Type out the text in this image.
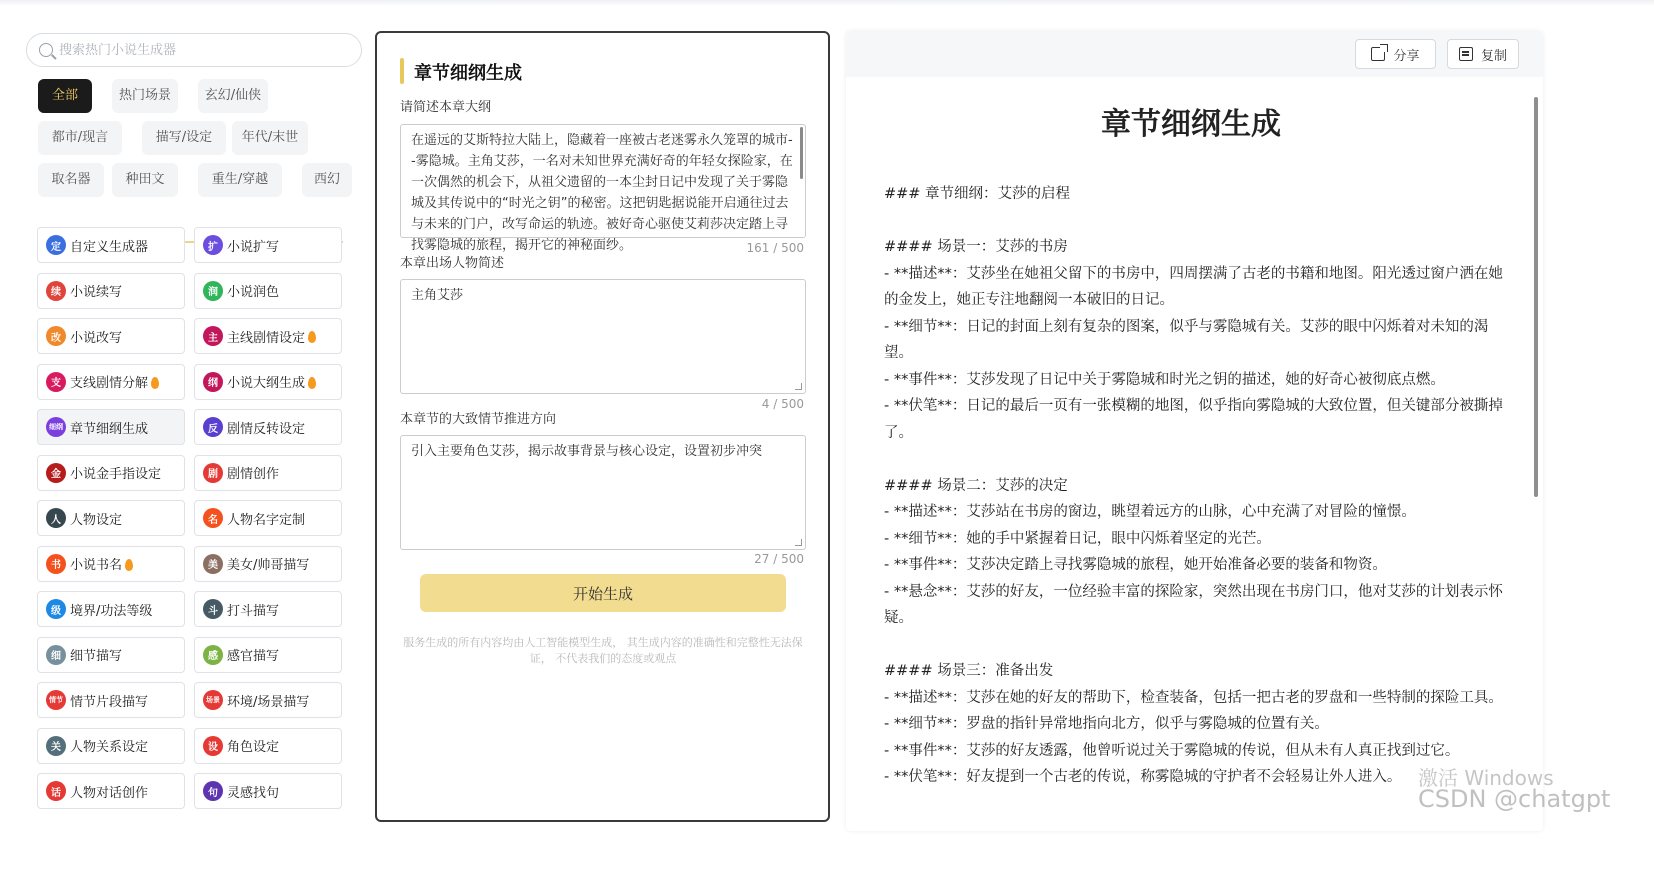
搜索热门小说生成器
全部	热门场景	玄幻/仙侠
都市/现言	描写/设定	年代/末世
取名器	种田文	重生/穿越	西幻
定 自定义生成器	扩 小说扩写
续 小说续写	润 小说润色
改 小说改写	主 主线剧情设定
支 支线剧情分解	纲 小说大纲生成
细纲 章节细纲生成	反 剧情反转设定
金 小说金手指设定	剧 剧情创作
人 人物设定	名 人物名字定制
书 小说书名	美 美女/帅哥描写
级 境界/功法等级	斗 打斗描写
细 细节描写	感 感官描写
情节 情节片段描写	场景 环境/场景描写
关 人物关系设定	设 角色设定
话 人物对话创作	句 灵感找句
章节细纲生成
请简述本章大纲
在遥远的艾斯特拉大陆上，隐藏着一座被古老迷雾永久笼罩的城市--雾隐城。主角艾莎，一名对未知世界充满好奇的年轻女探险家，在一次偶然的机会下，从祖父遗留的一本尘封日记中发现了关于雾隐城及其传说中的“时光之钥”的秘密。这把钥匙据说能开启通往过去与未来的门户，改写命运的轨迹。被好奇心驱使艾莉莎决定踏上寻找雾隐城的旅程，揭开它的神秘面纱。	161 / 500
本章出场人物简述
主角艾莎
4 / 500
本章节的大致情节推进方向
引入主要角色艾莎，揭示故事背景与核心设定，设置初步冲突
27 / 500
开始生成
服务生成的所有内容均由人工智能模型生成， 其生成内容的准确性和完整性无法保证， 不代表我们的态度或观点
分享	复制
章节细纲生成

### 章节细纲：艾莎的启程

#### 场景一：艾莎的书房

- **描述**：艾莎坐在她祖父留下的书房中，四周摆满了古老的书籍和地图。阳光透过窗户洒在她的金发上，她正专注地翻阅一本破旧的日记。

- **细节**：日记的封面上刻有复杂的图案，似乎与雾隐城有关。艾莎的眼中闪烁着对未知的渴望。

- **事件**：艾莎发现了日记中关于雾隐城和时光之钥的描述，她的好奇心被彻底点燃。

- **伏笔**：日记的最后一页有一张模糊的地图，似乎指向雾隐城的大致位置，但关键部分被撕掉了。

#### 场景二：艾莎的决定

- **描述**：艾莎站在书房的窗边，眺望着远方的山脉，心中充满了对冒险的憧憬。

- **细节**：她的手中紧握着日记，眼中闪烁着坚定的光芒。

- **事件**：艾莎决定踏上寻找雾隐城的旅程，她开始准备必要的装备和物资。

- **悬念**：艾莎的好友，一位经验丰富的探险家，突然出现在书房门口，他对艾莎的计划表示怀疑。

#### 场景三：准备出发

- **描述**：艾莎在她的好友的帮助下，检查装备，包括一把古老的罗盘和一些特制的探险工具。

- **细节**：罗盘的指针异常地指向北方，似乎与雾隐城的位置有关。

- **事件**：艾莎的好友透露，他曾听说过关于雾隐城的传说，但从未有人真正找到过它。

- **伏笔**：好友提到一个古老的传说，称雾隐城的守护者不会轻易让外人进入。 激活 Windows
CSDN @chatgpt
